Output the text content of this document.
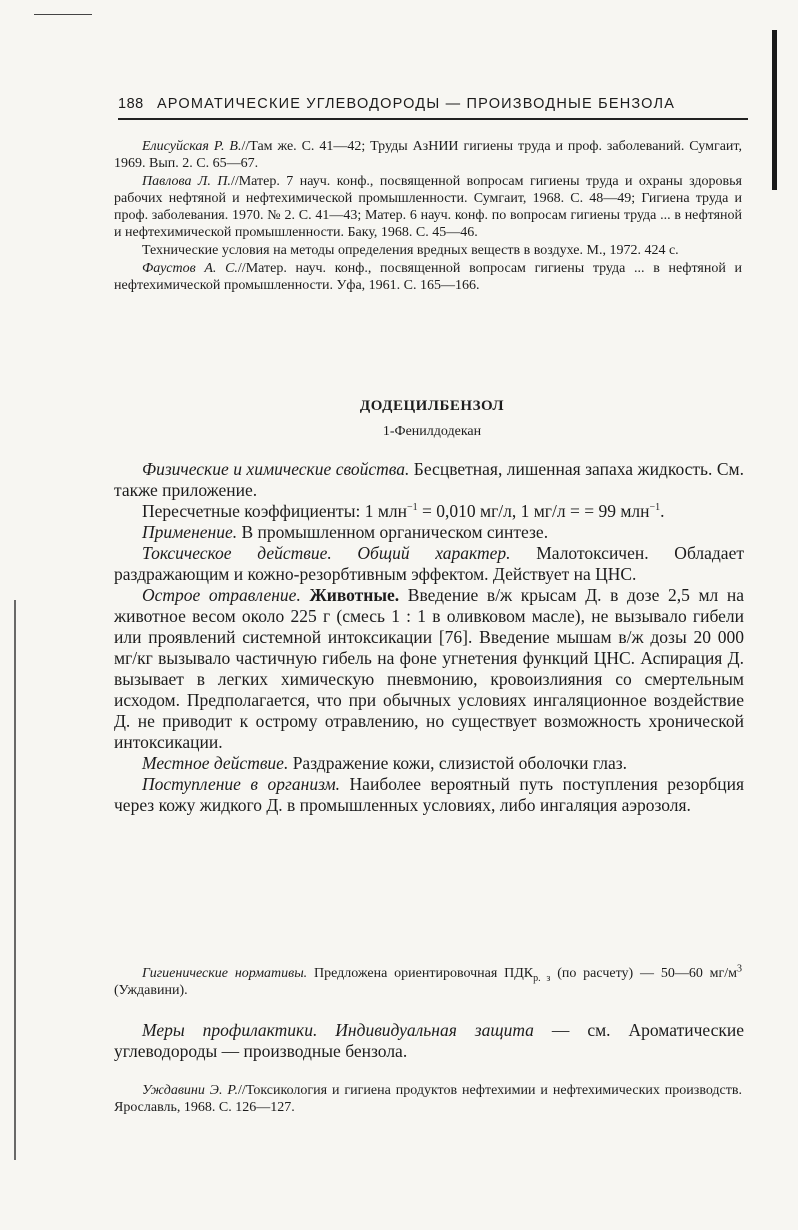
188 АРОМАТИЧЕСКИЕ УГЛЕВОДОРОДЫ — ПРОИЗВОДНЫЕ БЕНЗОЛА

Елисуйская Р. В.//Там же. С. 41—42; Труды АзНИИ гигиены труда и проф. заболеваний. Сумгаит, 1969. Вып. 2. С. 65—67.

Павлова Л. П.//Матер. 7 науч. конф., посвященной вопросам гигиены труда и охраны здоровья рабочих нефтяной и нефтехимической промышленности. Сумгаит, 1968. С. 48—49; Гигиена труда и проф. заболевания. 1970. № 2. С. 41—43; Матер. 6 науч. конф. по вопросам гигиены труда ... в нефтяной и нефтехимической промышленности. Баку, 1968. С. 45—46.

Технические условия на методы определения вредных веществ в воздухе. М., 1972. 424 с.

Фаустов А. С.//Матер. науч. конф., посвященной вопросам гигиены труда ... в нефтяной и нефтехимической промышленности. Уфа, 1961. С. 165—166.

ДОДЕЦИЛБЕНЗОЛ
1-Фенилдодекан

Физические и химические свойства. Бесцветная, лишенная запаха жидкость. См. также приложение.

Пересчетные коэффициенты: 1 млн$^{-1}$ = 0,010 мг/л, 1 мг/л = = 99 млн$^{-1}$.

Применение. В промышленном органическом синтезе.

Токсическое действие. Общий характер. Малотоксичен. Обладает раздражающим и кожно-резорбтивным эффектом. Действует на ЦНС.

Острое отравление. Животные. Введение в/ж крысам Д. в дозе 2,5 мл на животное весом около 225 г (смесь 1 : 1 в оливковом масле), не вызывало гибели или проявлений системной интоксикации [76]. Введение мышам в/ж дозы 20 000 мг/кг вызывало частичную гибель на фоне угнетения функций ЦНС. Аспирация Д. вызывает в легких химическую пневмонию, кровоизлияния со смертельным исходом. Предполагается, что при обычных условиях ингаляционное воздействие Д. не приводит к острому отравлению, но существует возможность хронической интоксикации.

Местное действие. Раздражение кожи, слизистой оболочки глаз.

Поступление в организм. Наиболее вероятный путь поступления резорбция через кожу жидкого Д. в промышленных условиях, либо ингаляция аэрозоля.

Гигиенические нормативы. Предложена ориентировочная $ПДК_{р. з}$ (по расчету) — 50—60 $мг/м^3$ (Уждавини).

Меры профилактики. Индивидуальная защита — см. Ароматические углеводороды — производные бензола.

Уждавини Э. Р.//Токсикология и гигиена продуктов нефтехимии и нефтехимических производств. Ярославль, 1968. С. 126—127.
